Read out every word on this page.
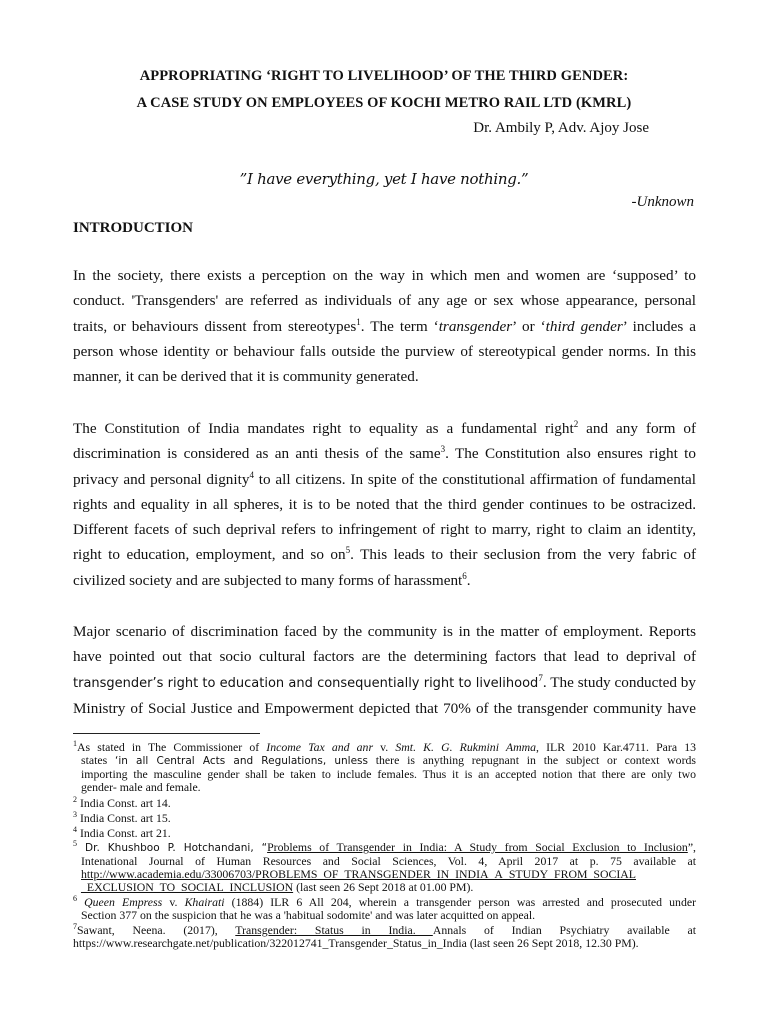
APPROPRIATING ‘RIGHT TO LIVELIHOOD’ OF THE THIRD GENDER:
A CASE STUDY ON EMPLOYEES OF KOCHI METRO RAIL LTD (KMRL)
Dr. Ambily P, Adv. Ajoy Jose
”I have everything, yet I have nothing.”
-Unknown
INTRODUCTION
In the society, there exists a perception on the way in which men and women are ‘supposed’ to
conduct. 'Transgenders' are referred as individuals of any age or sex whose appearance, personal
traits, or behaviours dissent from stereotypes$^1$. The term ‘transgender’ or ‘third gender’ includes a
person whose identity or behaviour falls outside the purview of stereotypical gender norms. In this
manner, it can be derived that it is community generated.
The Constitution of India mandates right to equality as a fundamental right$^2$ and any form of
discrimination is considered as an anti thesis of the same$^3$. The Constitution also ensures right to
privacy and personal dignity$^4$ to all citizens. In spite of the constitutional affirmation of fundamental
rights and equality in all spheres, it is to be noted that the third gender continues to be ostracized.
Different facets of such deprival refers to infringement of right to marry, right to claim an identity,
right to education, employment, and so $on^5$. This leads to their seclusion from the very fabric of
civilized society and are subjected to many forms of harassment$^6$.
Major scenario of discrimination faced by the community is in the matter of employment. Reports
have pointed out that socio cultural factors are the determining factors that lead to deprival of
transgender’s right to education and consequentially right to livelihood$^7$. The study conducted by
Ministry of Social Justice and Empowerment depicted that 70% of the transgender community have
$^1$As stated in The Commissioner of Income Tax and anr v. Smt. K. G. Rukmini Amma, ILR 2010 Kar.4711. Para 13
states ‘in all Central Acts and Regulations, unless there is anything repugnant in the subject or context words
importing the masculine gender shall be taken to include females. Thus it is an accepted notion that there are only two
gender- male and female.
$^2$ India Const. art 14.
$^3$ India Const. art 15.
$^4$ India Const. art 21.
$^5$ Dr. Khushboo P. Hotchandani, “Problems of Transgender in India: A Study from Social Exclusion to Inclusion”,
Intenational Journal of Human Resources and Social Sciences, Vol. 4, April 2017 at p. 75 available at
http://www.academia.edu/33006703/PROBLEMS_OF_TRANSGENDER_IN_INDIA_A_STUDY_FROM_SOCIAL
_EXCLUSION_TO_SOCIAL_INCLUSION (last seen 26 Sept 2018 at 01.00 PM).
$^6$ Queen Empress v. Khairati (1884) ILR 6 All 204, wherein a transgender person was arrested and prosecuted under
Section 377 on the suspicion that he was a 'habitual sodomite' and was later acquitted on appeal.
$^7$Sawant, Neena. (2017), Transgender: Status in India. Annals of Indian Psychiatry available at
https://www.researchgate.net/publication/322012741_Transgender_Status_in_India (last seen 26 Sept 2018, 12.30 PM).
